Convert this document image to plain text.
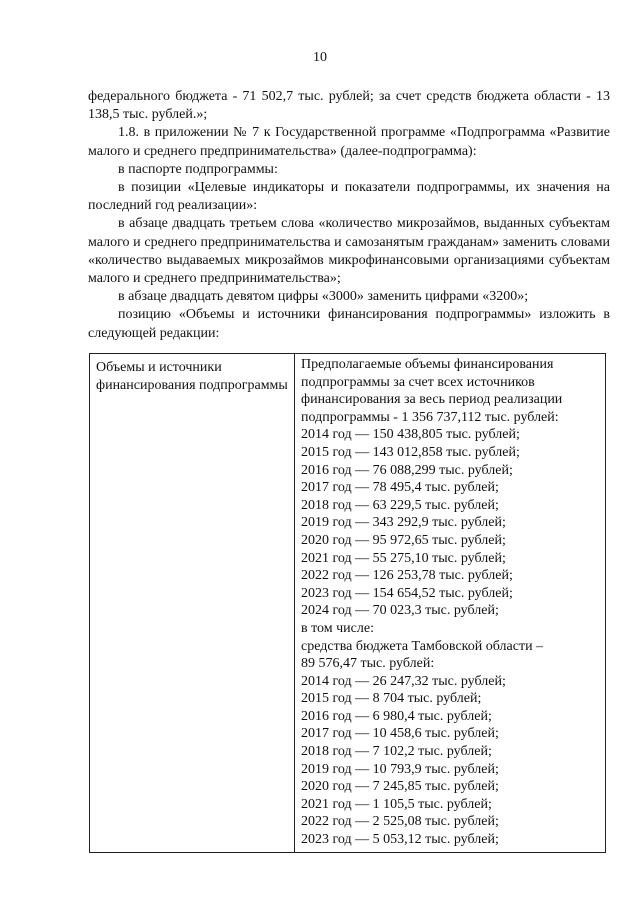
10

федерального бюджета - 71 502,7 тыс. рублей; за счет средств бюджета области - 13 138,5 тыс. рублей.»;

1.8. в приложении № 7 к Государственной программе «Подпрограмма «Развитие малого и среднего предпринимательства» (далее-подпрограмма):

в паспорте подпрограммы:

в позиции «Целевые индикаторы и показатели подпрограммы, их значения на последний год реализации»:

в абзаце двадцать третьем слова «количество микрозаймов, выданных субъектам малого и среднего предпринимательства и самозанятым гражданам» заменить словами «количество выдаваемых микрозаймов микрофинансовыми организациями субъектам малого и среднего предпринимательства»;

в абзаце двадцать девятом цифры «3000» заменить цифрами «3200»;

позицию «Объемы и источники финансирования подпрограммы» изложить в следующей редакции:

Объемы и источники финансирования подпрограммы
Предполагаемые объемы финансирования
подпрограммы за счет всех источников
финансирования за весь период реализации
подпрограммы - 1 356 737,112 тыс. рублей:
2014 год — 150 438,805 тыс. рублей;
2015 год — 143 012,858 тыс. рублей;
2016 год — 76 088,299 тыс. рублей;
2017 год — 78 495,4 тыс. рублей;
2018 год — 63 229,5 тыс. рублей;
2019 год — 343 292,9 тыс. рублей;
2020 год — 95 972,65 тыс. рублей;
2021 год — 55 275,10 тыс. рублей;
2022 год — 126 253,78 тыс. рублей;
2023 год — 154 654,52 тыс. рублей;
2024 год — 70 023,3 тыс. рублей;
в том числе:
средства бюджета Тамбовской области –
89 576,47 тыс. рублей:
2014 год — 26 247,32 тыс. рублей;
2015 год — 8 704 тыс. рублей;
2016 год — 6 980,4 тыс. рублей;
2017 год — 10 458,6 тыс. рублей;
2018 год — 7 102,2 тыс. рублей;
2019 год — 10 793,9 тыс. рублей;
2020 год — 7 245,85 тыс. рублей;
2021 год — 1 105,5 тыс. рублей;
2022 год — 2 525,08 тыс. рублей;
2023 год — 5 053,12 тыс. рублей;
